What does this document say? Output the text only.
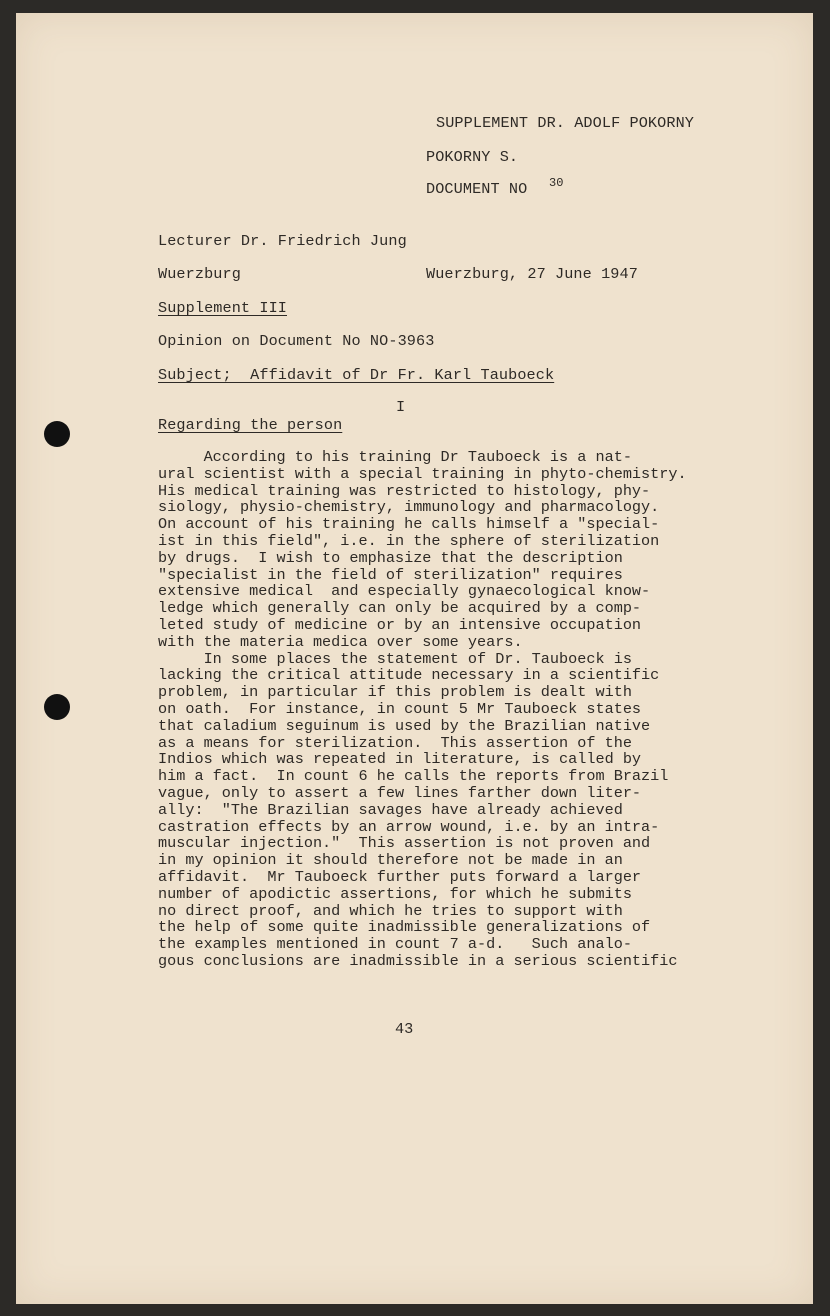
SUPPLEMENT DR. ADOLF POKORNY
POKORNY S.
DOCUMENT NO 30
Lecturer Dr. Friedrich Jung
Wuerzburg	Wuerzburg, 27 June 1947
Supplement III
Opinion on Document No NO-3963
Subject;  Affidavit of Dr Fr. Karl Tauboeck
I
Regarding the person
According to his training Dr Tauboeck is a nat-
ural scientist with a special training in phyto-chemistry.
His medical training was restricted to histology, phy-
siology, physio-chemistry, immunology and pharmacology.
On account of his training he calls himself a "special-
ist in this field", i.e. in the sphere of sterilization
by drugs.  I wish to emphasize that the description
"specialist in the field of sterilization" requires
extensive medical  and especially gynaecological know-
ledge which generally can only be acquired by a comp-
leted study of medicine or by an intensive occupation
with the materia medica over some years.
In some places the statement of Dr. Tauboeck is
lacking the critical attitude necessary in a scientific
problem, in particular if this problem is dealt with
on oath.  For instance, in count 5 Mr Tauboeck states
that caladium seguinum is used by the Brazilian native
as a means for sterilization.  This assertion of the
Indios which was repeated in literature, is called by
him a fact.  In count 6 he calls the reports from Brazil
vague, only to assert a few lines farther down liter-
ally:  "The Brazilian savages have already achieved
castration effects by an arrow wound, i.e. by an intra-
muscular injection."  This assertion is not proven and
in my opinion it should therefore not be made in an
affidavit.  Mr Tauboeck further puts forward a larger
number of apodictic assertions, for which he submits
no direct proof, and which he tries to support with
the help of some quite inadmissible generalizations of
the examples mentioned in count 7 a-d.   Such analo-
gous conclusions are inadmissible in a serious scientific
43
